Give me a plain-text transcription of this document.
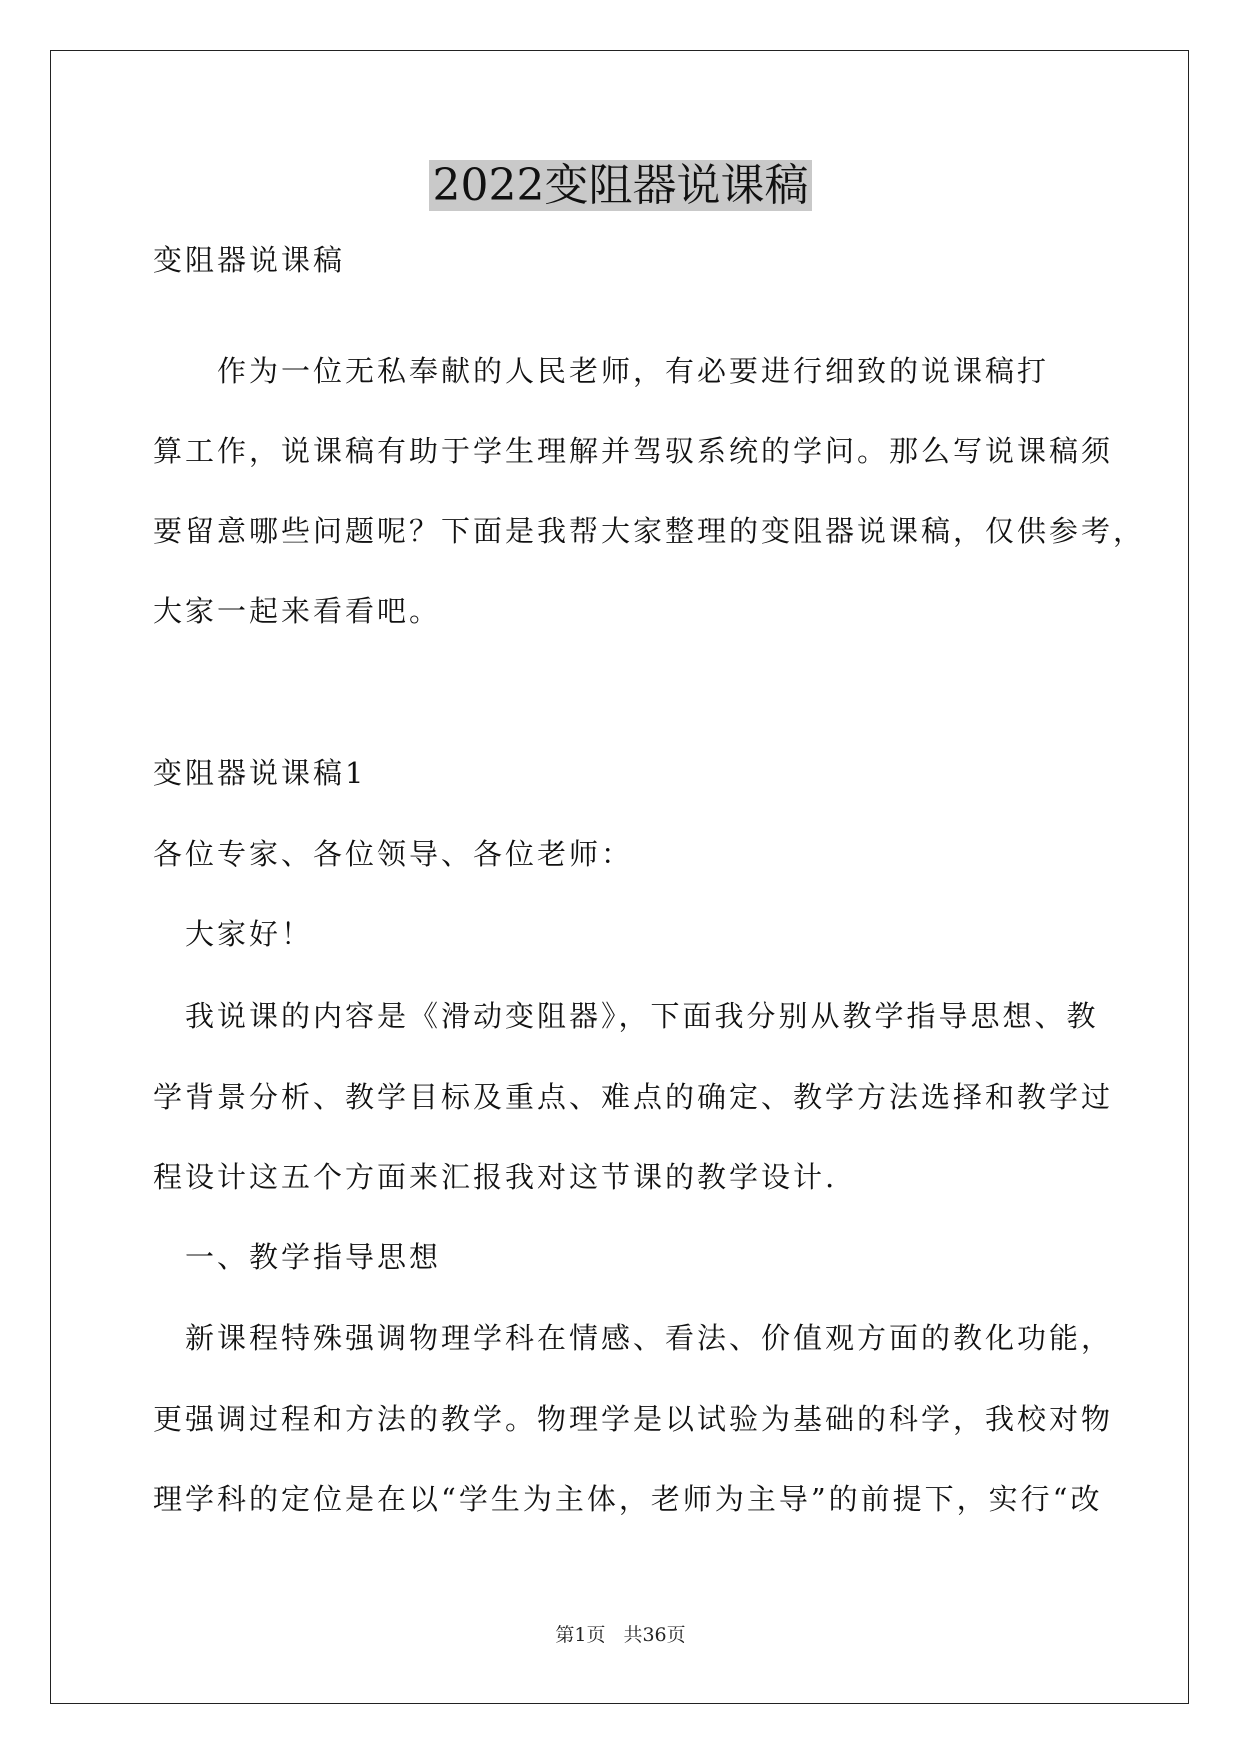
2022变阻器说课稿
变阻器说课稿
　　作为一位无私奉献的人民老师，有必要进行细致的说课稿打
算工作，说课稿有助于学生理解并驾驭系统的学问。那么写说课稿须
要留意哪些问题呢？下面是我帮大家整理的变阻器说课稿，仅供参考，
大家一起来看看吧。
变阻器说课稿1
各位专家、各位领导、各位老师：
　大家好！
　我说课的内容是《滑动变阻器》，下面我分别从教学指导思想、教
学背景分析、教学目标及重点、难点的确定、教学方法选择和教学过
程设计这五个方面来汇报我对这节课的教学设计.
　一、教学指导思想
　新课程特殊强调物理学科在情感、看法、价值观方面的教化功能，
更强调过程和方法的教学。物理学是以试验为基础的科学，我校对物
理学科的定位是在以“学生为主体，老师为主导”的前提下，实行“改
第1页 共36页
